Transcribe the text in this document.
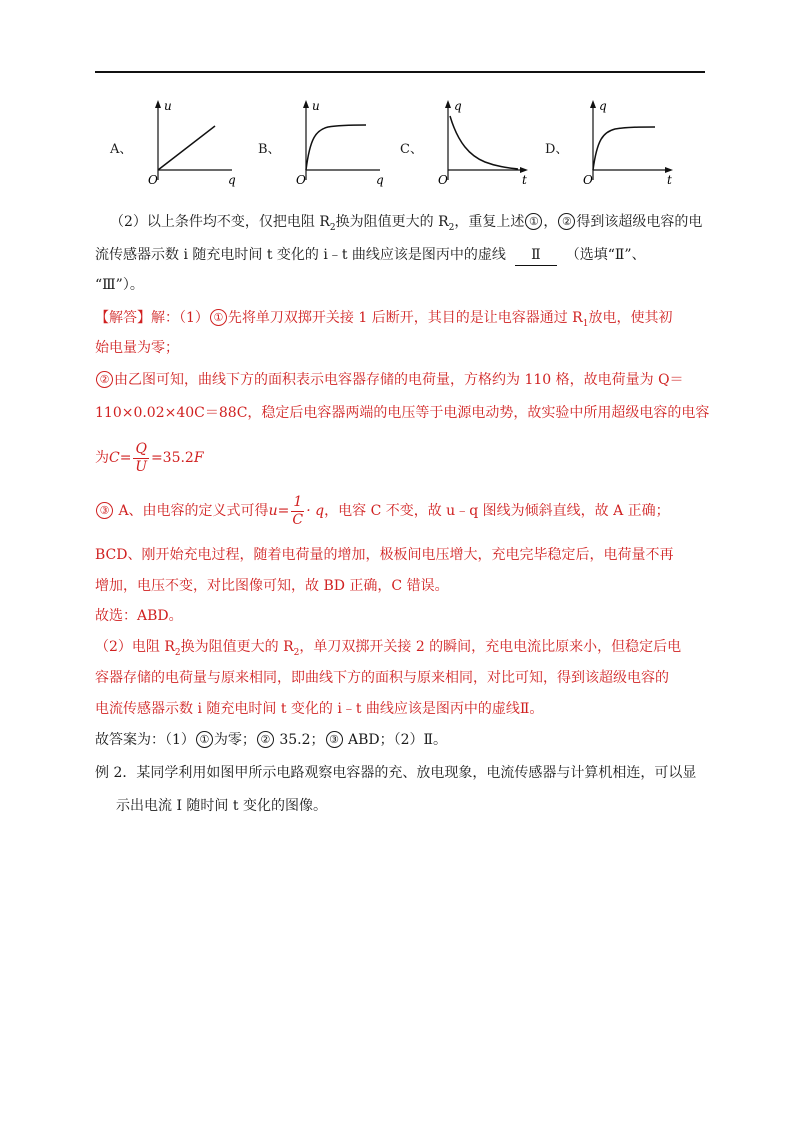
A、
u
O	q
B、
u
O	q
C、
q
O	t
D、
q
O	t
（2）以上条件均不变，仅把电阻 $R_2$换为阻值更大的 $R_2$，重复上述 ① ， ② 得到该超级电容的电
流传感器示数 i 随充电时间 t 变化的 i﹣t 曲线应该是图丙中的虚线 Ⅱ （选填“Ⅱ”、
“Ⅲ”）。
【解答】解：（1） ① 先将单刀双掷开关接 1 后断开，其目的是让电容器通过 $R_1$放电，使其初
始电量为零；
② 由乙图可知，曲线下方的面积表示电容器存储的电荷量，方格约为 110 格，故电荷量为 Q＝
110×0.02×40C＝88C，稳定后电容器两端的电压等于电源电动势，故实验中所用超级电容的电容
为$C= \frac{Q}{U} =35.2F$
③ A、由电容的定义式可得$u= \frac{1}{C} \cdot q$，电容 C 不变，故 u﹣q 图线为倾斜直线，故 A 正确；
BCD、刚开始充电过程，随着电荷量的增加，极板间电压增大，充电完毕稳定后，电荷量不再
增加，电压不变，对比图像可知，故 BD 正确，C 错误。
故选：ABD。
（2）电阻 $R_2$换为阻值更大的 $R_2$，单刀双掷开关接 2 的瞬间，充电电流比原来小，但稳定后电
容器存储的电荷量与原来相同，即曲线下方的面积与原来相同，对比可知，得到该超级电容的
电流传感器示数 i 随充电时间 t 变化的 i﹣t 曲线应该是图丙中的虚线Ⅱ。
故答案为：（1） ① 为零； ② 35.2； ③ ABD；（2）Ⅱ。
例 2．某同学利用如图甲所示电路观察电容器的充、放电现象，电流传感器与计算机相连，可以显
示出电流 I 随时间 t 变化的图像。
